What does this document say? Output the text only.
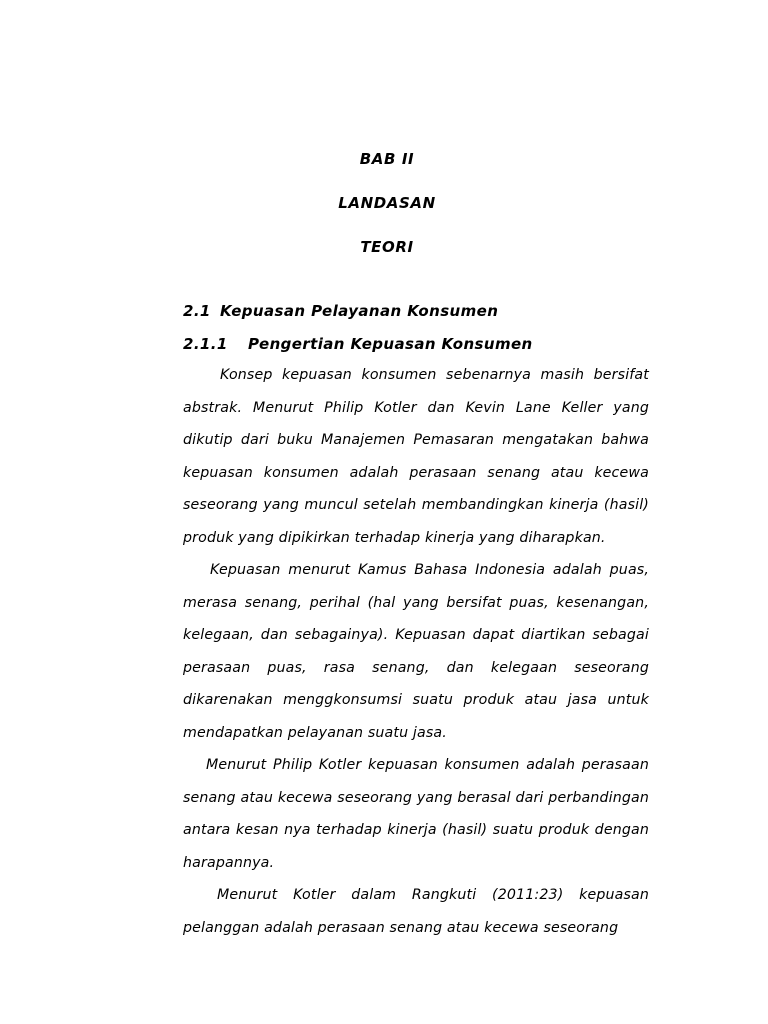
BAB II

LANDASAN

TEORI

2.1 Kepuasan Pelayanan Konsumen

2.1.1 Pengertian Kepuasan Konsumen

Konsep kepuasan konsumen sebenarnya masih bersifat abstrak. Menurut Philip Kotler dan Kevin Lane Keller yang dikutip dari buku Manajemen Pemasaran mengatakan bahwa kepuasan konsumen adalah perasaan senang atau kecewa seseorang yang muncul setelah membandingkan kinerja (hasil) produk yang dipikirkan terhadap kinerja yang diharapkan.

Kepuasan menurut Kamus Bahasa Indonesia adalah puas, merasa senang, perihal (hal yang bersifat puas, kesenangan, kelegaan, dan sebagainya). Kepuasan dapat diartikan sebagai perasaan puas, rasa senang, dan kelegaan seseorang dikarenakan menggkonsumsi suatu produk atau jasa untuk mendapatkan pelayanan suatu jasa.

Menurut Philip Kotler kepuasan konsumen adalah perasaan senang atau kecewa seseorang yang berasal dari perbandingan antara kesan nya terhadap kinerja (hasil) suatu produk dengan harapannya.

Menurut Kotler dalam Rangkuti (2011:23) kepuasan pelanggan adalah perasaan senang atau kecewa seseorang
